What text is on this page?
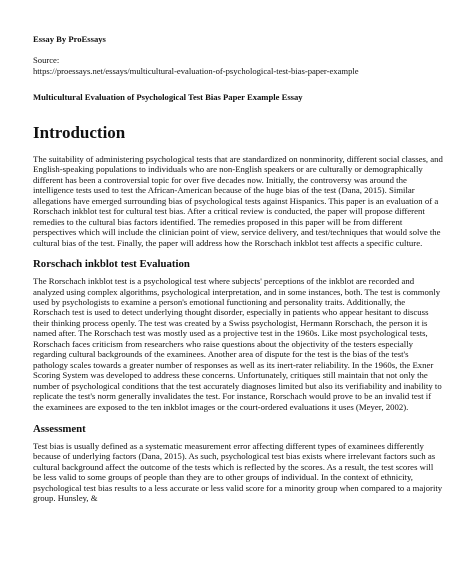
Essay By ProEssays
Source:
https://proessays.net/essays/multicultural-evaluation-of-psychological-test-bias-paper-example
Multicultural Evaluation of Psychological Test Bias Paper Example Essay
Introduction

The suitability of administering psychological tests that are standardized on nonminority, different social classes, and English-speaking populations to individuals who are non-English speakers or are culturally or demographically different has been a controversial topic for over five decades now. Initially, the controversy was around the intelligence tests used to test the African-American because of the huge bias of the test (Dana, 2015). Similar allegations have emerged surrounding bias of psychological tests against Hispanics. This paper is an evaluation of a Rorschach inkblot test for cultural test bias. After a critical review is conducted, the paper will propose different remedies to the cultural bias factors identified. The remedies proposed in this paper will be from different perspectives which will include the clinician point of view, service delivery, and test/techniques that would solve the cultural bias of the test. Finally, the paper will address how the Rorschach inkblot test affects a specific culture.

Rorschach inkblot test Evaluation

The Rorschach inkblot test is a psychological test where subjects' perceptions of the inkblot are recorded and analyzed using complex algorithms, psychological interpretation, and in some instances, both. The test is commonly used by psychologists to examine a person's emotional functioning and personality traits. Additionally, the Rorschach test is used to detect underlying thought disorder, especially in patients who appear hesitant to discuss their thinking process openly. The test was created by a Swiss psychologist, Hermann Rorschach, the person it is named after. The Rorschach test was mostly used as a projective test in the 1960s. Like most psychological tests, Rorschach faces criticism from researchers who raise questions about the objectivity of the testers especially regarding cultural backgrounds of the examinees. Another area of dispute for the test is the bias of the test's pathology scales towards a greater number of responses as well as its inert-rater reliability. In the 1960s, the Exner Scoring System was developed to address these concerns. Unfortunately, critiques still maintain that not only the number of psychological conditions that the test accurately diagnoses limited but also its verifiability and inability to replicate the test's norm generally invalidates the test. For instance, Rorschach would prove to be an invalid test if the examinees are exposed to the ten inkblot images or the court-ordered evaluations it uses (Meyer, 2002).

Assessment

Test bias is usually defined as a systematic measurement error affecting different types of examinees differently because of underlying factors (Dana, 2015). As such, psychological test bias exists where irrelevant factors such as cultural background affect the outcome of the tests which is reflected by the scores. As a result, the test scores will be less valid to some groups of people than they are to other groups of individual. In the context of ethnicity, psychological test bias results to a less accurate or less valid score for a minority group when compared to a majority group. Hunsley, &
